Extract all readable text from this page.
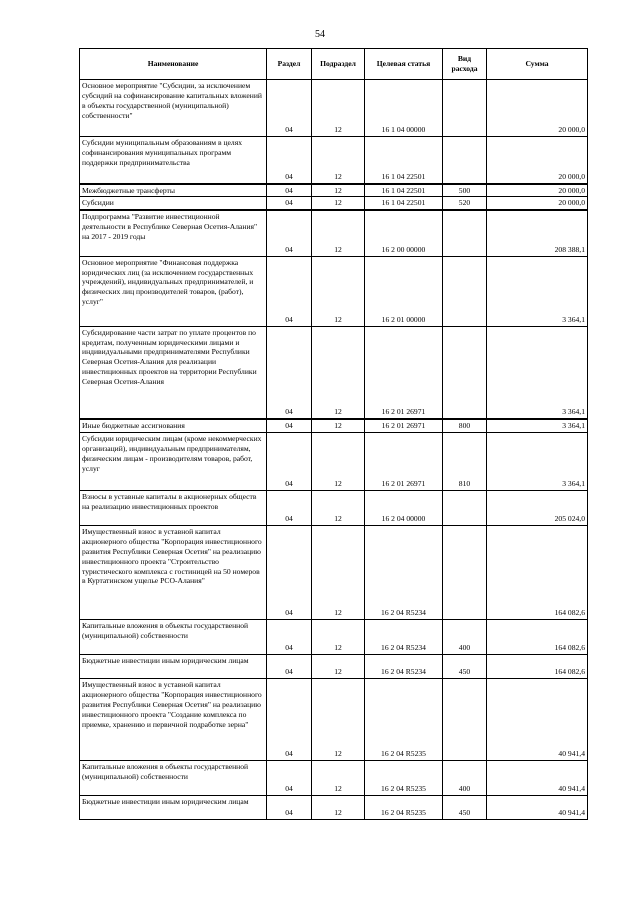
54
Наименование	Раздел	Подраздел	Целевая статья	Вид расхода	Сумма
Основное мероприятие "Субсидии, за исключением субсидий на софинансирование капитальных вложений в объекты государственной (муниципальной) собственности"	04	12	16 1 04 00000		20 000,0
Субсидии муниципальным образованиям в целях софинансирования муниципальных программ поддержки предпринимательства	04	12	16 1 04 22501		20 000,0
Межбюджетные трансферты	04	12	16 1 04 22501	500	20 000,0
Субсидии	04	12	16 1 04 22501	520	20 000,0
Подпрограмма "Развитие инвестиционной деятельности в Республике Северная Осетия-Алания" на 2017 - 2019 годы	04	12	16 2 00 00000		208 388,1
Основное мероприятие "Финансовая поддержка юридических лиц (за исключением государственных учреждений), индивидуальных предпринимателей, и физических лиц производителей товаров, (работ), услуг"	04	12	16 2 01 00000		3 364,1
Субсидирование части затрат по уплате процентов по кредитам, полученным юридическими лицами и индивидуальными предпринимателями Республики Северная Осетия-Алания для реализации инвестиционных проектов на территории Республики Северная Осетия-Алания	04	12	16 2 01 26971		3 364,1
Иные бюджетные ассигнования	04	12	16 2 01 26971	800	3 364,1
Субсидии юридическим лицам (кроме некоммерческих организаций), индивидуальным предпринимателям, физическим лицам - производителям товаров, работ, услуг	04	12	16 2 01 26971	810	3 364,1
Взносы в уставные капиталы в акционерных обществ на реализацию инвестиционных проектов	04	12	16 2 04 00000		205 024,0
Имущественный взнос в уставной капитал акционерного общества "Корпорация инвестиционного развития Республики Северная Осетия" на реализацию инвестиционного проекта "Строительство туристического комплекса с гостиницей на 50 номеров в Куртатинском ущелье РСО-Алания"	04	12	16 2 04 R5234		164 082,6
Капитальные вложения в объекты государственной (муниципальной) собственности	04	12	16 2 04 R5234	400	164 082,6
Бюджетные инвестиции иным юридическим лицам	04	12	16 2 04 R5234	450	164 082,6
Имущественный взнос в уставной капитал акционерного общества "Корпорация инвестиционного развития Республики Северная Осетия" на реализацию инвестиционного проекта "Создание комплекса по приемке, хранению и первичной подработке зерна"	04	12	16 2 04 R5235		40 941,4
Капитальные вложения в объекты государственной (муниципальной) собственности	04	12	16 2 04 R5235	400	40 941,4
Бюджетные инвестиции иным юридическим лицам	04	12	16 2 04 R5235	450	40 941,4
